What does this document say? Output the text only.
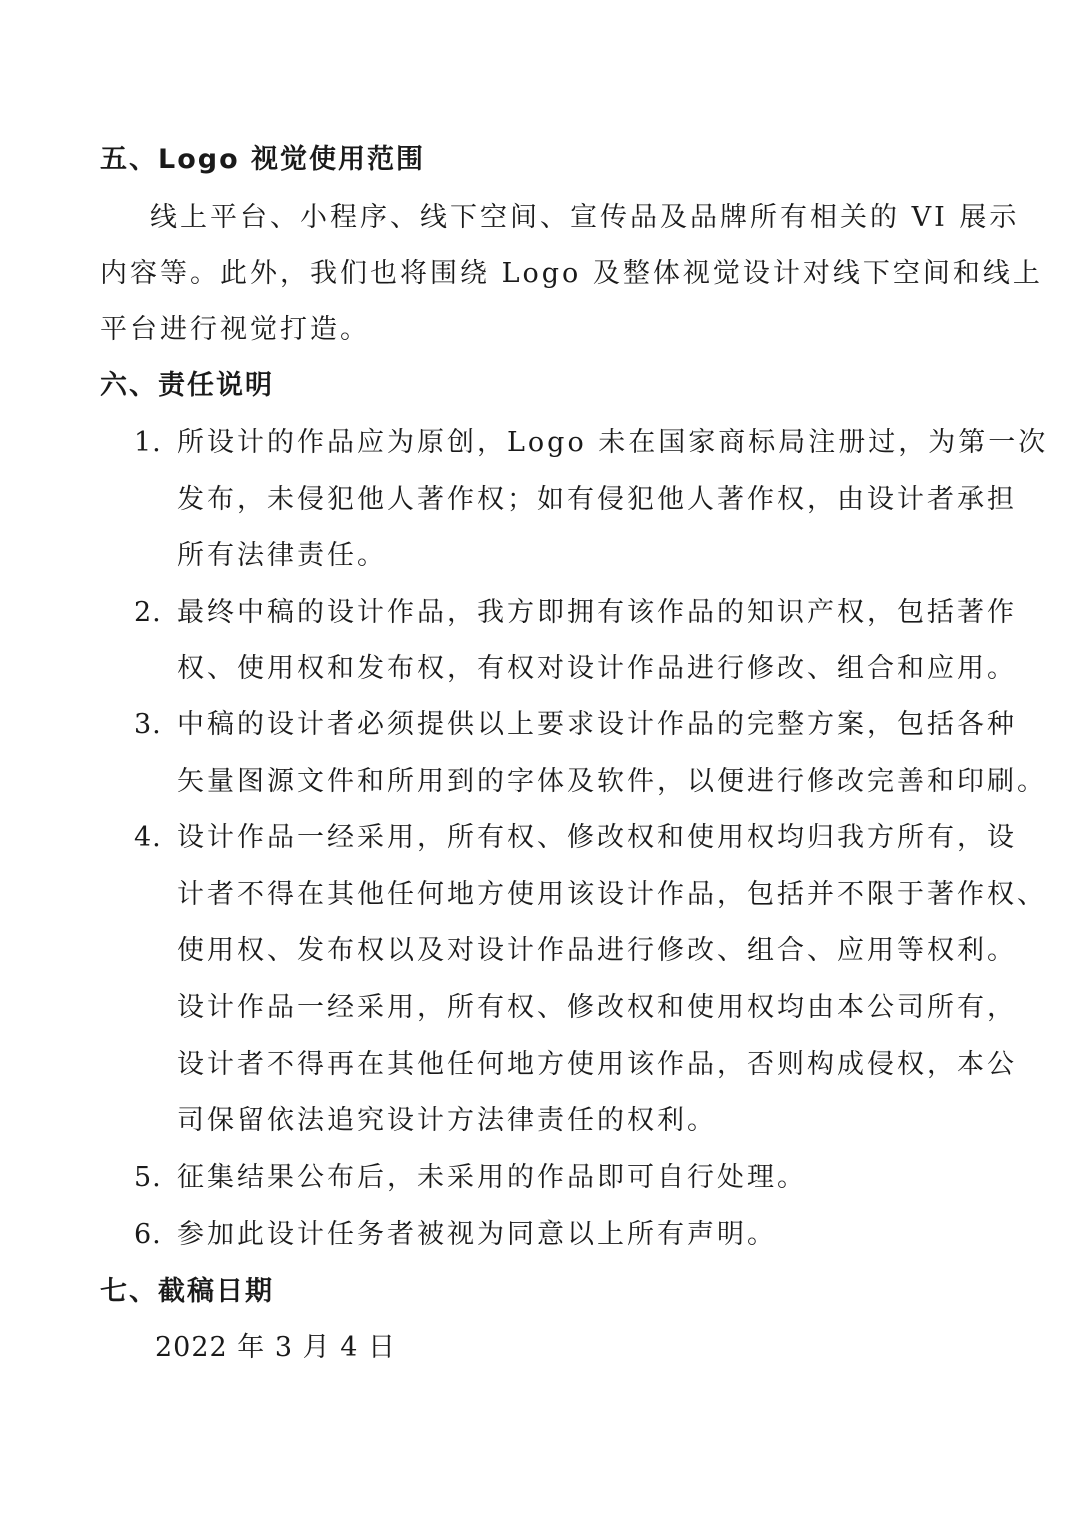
五、Logo 视觉使用范围
线上平台、小程序、线下空间、宣传品及品牌所有相关的 VI 展示
内容等。此外，我们也将围绕 Logo 及整体视觉设计对线下空间和线上
平台进行视觉打造。
六、责任说明
1. 所设计的作品应为原创，Logo 未在国家商标局注册过，为第一次
发布，未侵犯他人著作权；如有侵犯他人著作权，由设计者承担
所有法律责任。
2. 最终中稿的设计作品，我方即拥有该作品的知识产权，包括著作
权、使用权和发布权，有权对设计作品进行修改、组合和应用。
3. 中稿的设计者必须提供以上要求设计作品的完整方案，包括各种
矢量图源文件和所用到的字体及软件，以便进行修改完善和印刷。
4. 设计作品一经采用，所有权、修改权和使用权均归我方所有，设
计者不得在其他任何地方使用该设计作品，包括并不限于著作权、
使用权、发布权以及对设计作品进行修改、组合、应用等权利。
设计作品一经采用，所有权、修改权和使用权均由本公司所有，
设计者不得再在其他任何地方使用该作品，否则构成侵权，本公
司保留依法追究设计方法律责任的权利。
5. 征集结果公布后，未采用的作品即可自行处理。
6. 参加此设计任务者被视为同意以上所有声明。
七、截稿日期
2022 年 3 月 4 日
